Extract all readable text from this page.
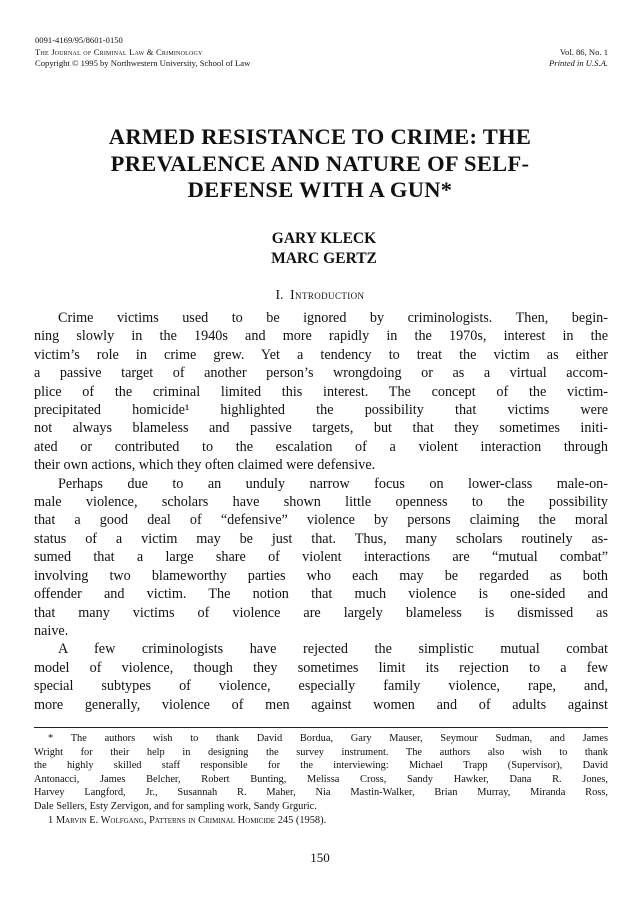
0091-4169/95/8601-0150
The Journal of Criminal Law & Criminology	Vol. 86, No. 1
Copyright © 1995 by Northwestern University, School of Law	Printed in U.S.A.
ARMED RESISTANCE TO CRIME: THE
PREVALENCE AND NATURE OF SELF-
DEFENSE WITH A GUN*
GARY KLECK
MARC GERTZ
I. Introduction
Crime victims used to be ignored by criminologists. Then, begin-
ning slowly in the 1940s and more rapidly in the 1970s, interest in the
victim’s role in crime grew. Yet a tendency to treat the victim as either
a passive target of another person’s wrongdoing or as a virtual accom-
plice of the criminal limited this interest. The concept of the victim-
precipitated homicide¹ highlighted the possibility that victims were
not always blameless and passive targets, but that they sometimes initi-
ated or contributed to the escalation of a violent interaction through
their own actions, which they often claimed were defensive.
Perhaps due to an unduly narrow focus on lower-class male-on-
male violence, scholars have shown little openness to the possibility
that a good deal of “defensive” violence by persons claiming the moral
status of a victim may be just that. Thus, many scholars routinely as-
sumed that a large share of violent interactions are “mutual combat”
involving two blameworthy parties who each may be regarded as both
offender and victim. The notion that much violence is one-sided and
that many victims of violence are largely blameless is dismissed as
naive.
A few criminologists have rejected the simplistic mutual combat
model of violence, though they sometimes limit its rejection to a few
special subtypes of violence, especially family violence, rape, and,
more generally, violence of men against women and of adults against
* The authors wish to thank David Bordua, Gary Mauser, Seymour Sudman, and James
Wright for their help in designing the survey instrument. The authors also wish to thank
the highly skilled staff responsible for the interviewing: Michael Trapp (Supervisor), David
Antonacci, James Belcher, Robert Bunting, Melissa Cross, Sandy Hawker, Dana R. Jones,
Harvey Langford, Jr., Susannah R. Maher, Nia Mastin-Walker, Brian Murray, Miranda Ross,
Dale Sellers, Esty Zervigon, and for sampling work, Sandy Grguric.
1 Marvin E. Wolfgang, Patterns in Criminal Homicide 245 (1958).
150
